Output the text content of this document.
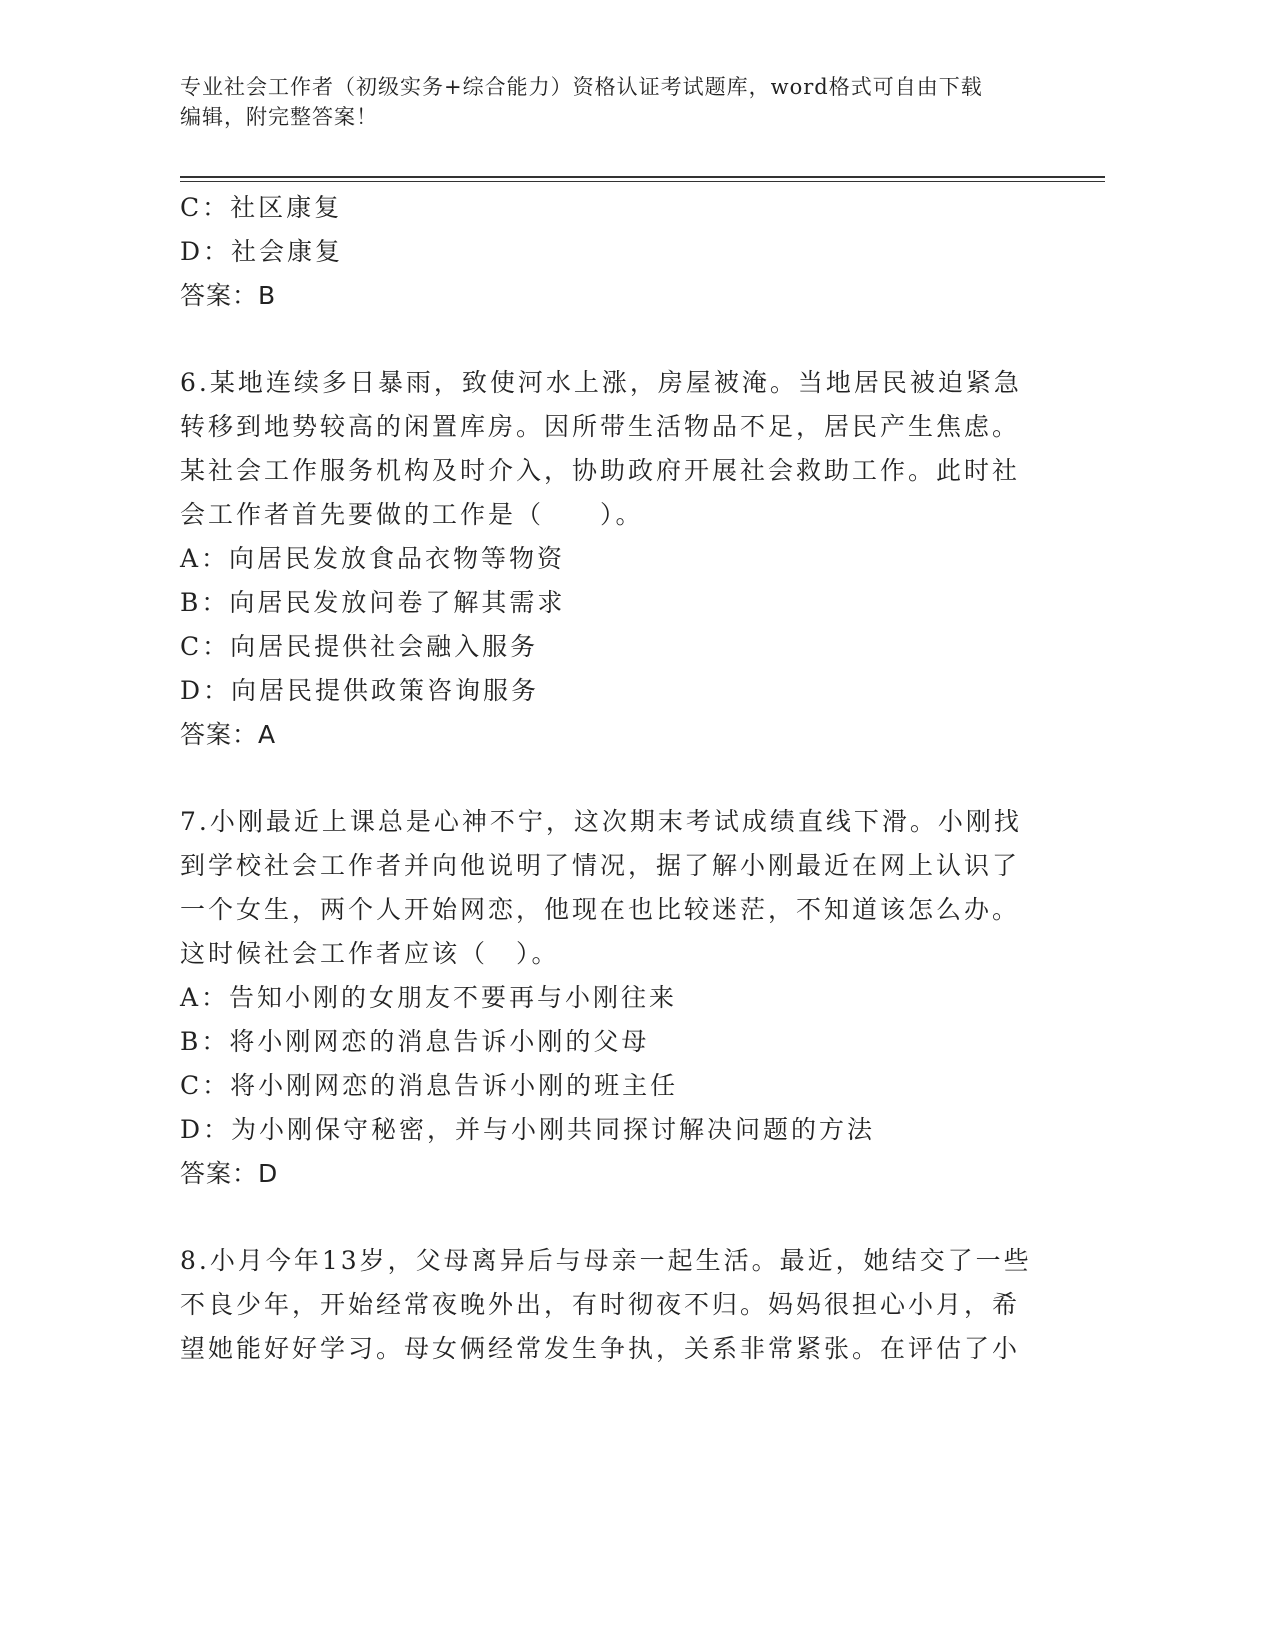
专业社会工作者（初级实务+综合能力）资格认证考试题库，word格式可自由下载
编辑，附完整答案！
C：社区康复
D：社会康复
答案：B
6.某地连续多日暴雨，致使河水上涨，房屋被淹。当地居民被迫紧急
转移到地势较高的闲置库房。因所带生活物品不足，居民产生焦虑。
某社会工作服务机构及时介入，协助政府开展社会救助工作。此时社
会工作者首先要做的工作是（　　）。
A：向居民发放食品衣物等物资
B：向居民发放问卷了解其需求
C：向居民提供社会融入服务
D：向居民提供政策咨询服务
答案：A
7.小刚最近上课总是心神不宁，这次期末考试成绩直线下滑。小刚找
到学校社会工作者并向他说明了情况，据了解小刚最近在网上认识了
一个女生，两个人开始网恋，他现在也比较迷茫，不知道该怎么办。
这时候社会工作者应该（　）。
A：告知小刚的女朋友不要再与小刚往来
B：将小刚网恋的消息告诉小刚的父母
C：将小刚网恋的消息告诉小刚的班主任
D：为小刚保守秘密，并与小刚共同探讨解决问题的方法
答案：D
8.小月今年13岁，父母离异后与母亲一起生活。最近，她结交了一些
不良少年，开始经常夜晚外出，有时彻夜不归。妈妈很担心小月，希
望她能好好学习。母女俩经常发生争执，关系非常紧张。在评估了小
